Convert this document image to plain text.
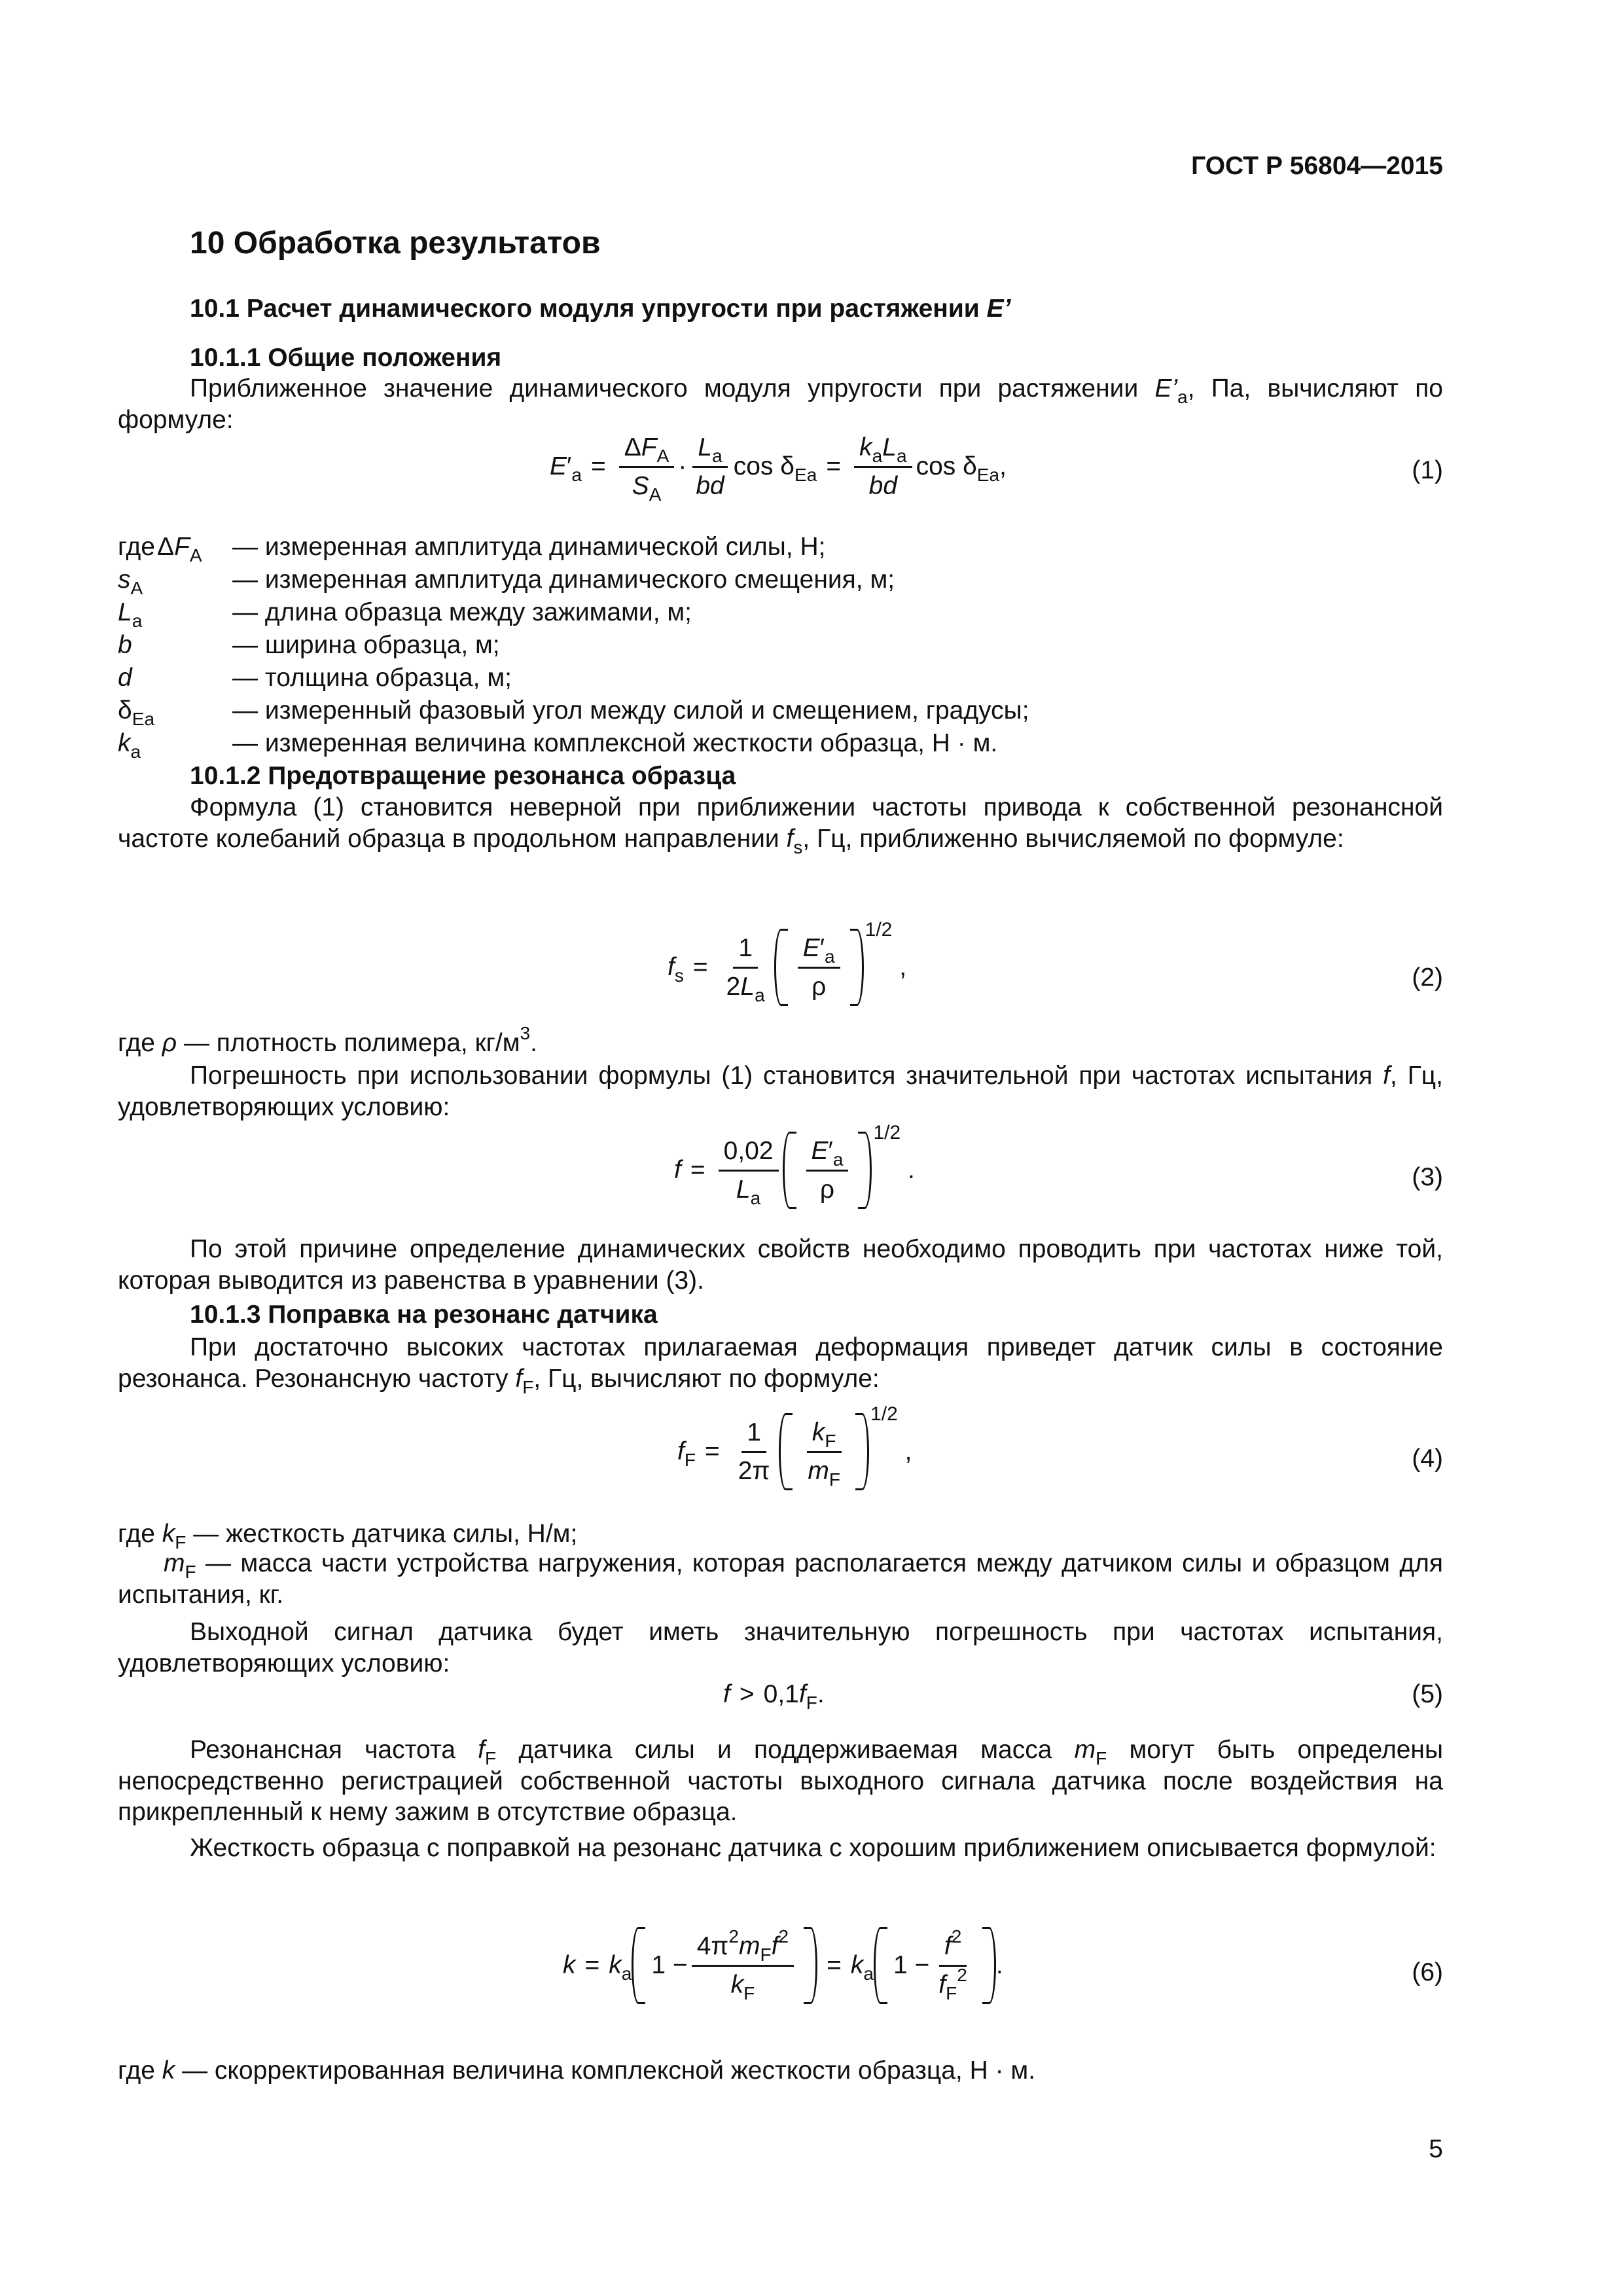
ГОСТ Р 56804—2015
10 Обработка результатов
10.1 Расчет динамического модуля упругости при растяжении E’
10.1.1 Общие положения

Приближенное значение динамического модуля упругости при растяжении $E’_a$, Па, вычисляют по формуле:

$E'_a = \frac{\Delta F_A}{S_A} \cdot \frac{L_a}{bd}$ $\cos \delta_{Ea} = \frac{k_aL_a}{bd}$ $\cos \delta_{Ea}$,	(1)
где $\Delta F_A$ — измеренная амплитуда динамической силы, Н;
$s_A$	— измеренная амплитуда динамического смещения, м;
$L_a$	— длина образца между зажимами, м;
b	— ширина образца, м;
d	— толщина образца, м;
$\delta_{Ea}$	— измеренный фазовый угол между силой и смещением, градусы;
$k_a$	— измеренная величина комплексной жесткости образца, Н · м.
10.1.2 Предотвращение резонанса образца

Формула (1) становится неверной при приближении частоты привода к собственной резонансной частоте колебаний образца в продольном направлении $f_s$, Гц, приближенно вычисляемой по формуле:

$f_s = \frac{1}{2L_a} \frac{E'_a}{\rho}$
1/2
,	(2)
где ρ — плотность полимера, $кг/м^3$.

Погрешность при использовании формулы (1) становится значительной при частотах испытания f, Гц, удовлетворяющих условию:

$f = \frac{0,02}{L_a} \frac{E'_a}{\rho}$
1/2
.	(3)

По этой причине определение динамических свойств необходимо проводить при частотах ниже той, которая выводится из равенства в уравнении (3).

10.1.3 Поправка на резонанс датчика

При достаточно высоких частотах прилагаемая деформация приведет датчик силы в состояние резонанса. Резонансную частоту $f_F$, Гц, вычисляют по формуле:

$f_F = \frac{1}{2\pi} \frac{k_F}{m_F}$
1/2
,	(4)
где $k_F$ — жесткость датчика силы, Н/м;

$m_F$ — масса части устройства нагружения, которая располагается между датчиком силы и образцом для испытания, кг.

Выходной сигнал датчика будет иметь значительную погрешность при частотах испытания, удовлетворяющих условию:

$f > 0,1f_F$.	(5)

Резонансная частота $f_F$ датчика силы и поддерживаемая масса $m_F$ могут быть определены непосредственно регистрацией собственной частоты выходного сигнала датчика после воздействия на прикрепленный к нему зажим в отсутствие образца.

Жесткость образца с поправкой на резонанс датчика с хорошим приближением описывается формулой:

$k = k_a$ $1 - \frac{4\pi^2m_Ff^2}{k_F} = k_a$ $1 - \frac{f^2}{f_F^2}$ .	(6)
где k — скорректированная величина комплексной жесткости образца, Н · м.
5
